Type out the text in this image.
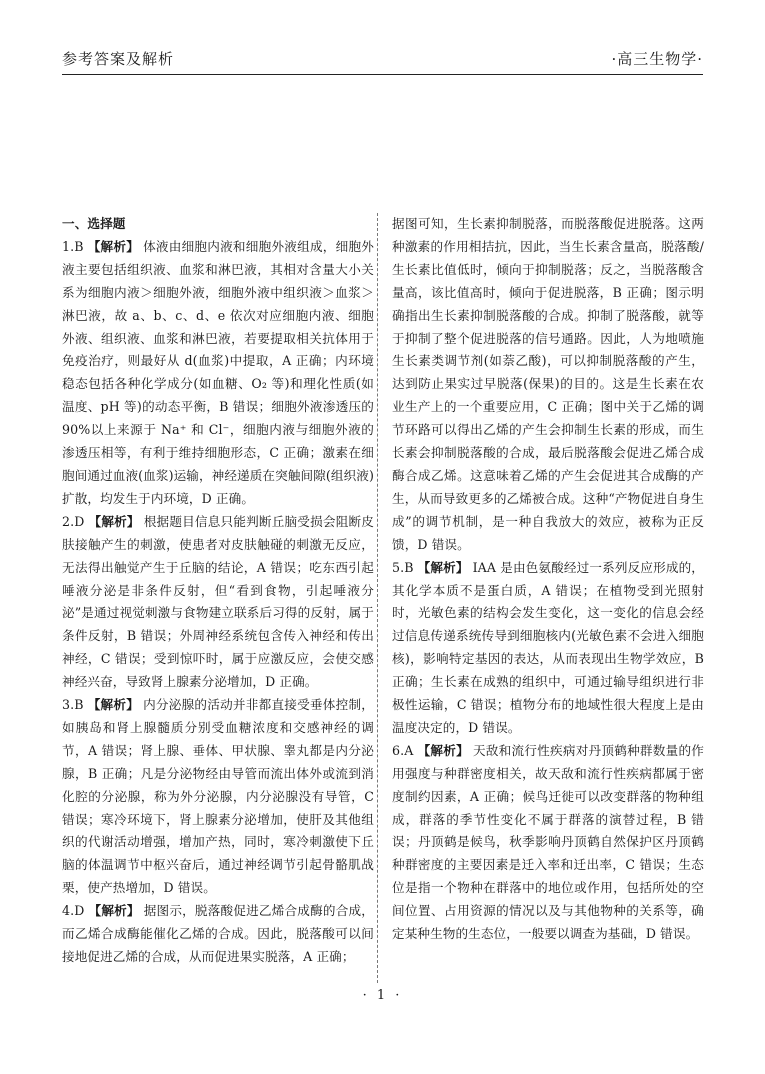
参考答案及解析	·高三生物学·
一、选择题

1.B 【解析】 体液由细胞内液和细胞外液组成，细胞外液主要包括组织液、血浆和淋巴液，其相对含量大小关系为细胞内液＞细胞外液，细胞外液中组织液＞血浆＞淋巴液，故 a、b、c、d、e 依次对应细胞内液、细胞外液、组织液、血浆和淋巴液，若要提取相关抗体用于免疫治疗，则最好从 d(血浆)中提取，A 正确；内环境稳态包括各种化学成分(如血糖、O₂ 等)和理化性质(如温度、pH 等)的动态平衡，B 错误；细胞外液渗透压的 90%以上来源于 Na⁺ 和 Cl⁻，细胞内液与细胞外液的渗透压相等，有利于维持细胞形态，C 正确；激素在细胞间通过血液(血浆)运输，神经递质在突触间隙(组织液)扩散，均发生于内环境，D 正确。

2.D 【解析】 根据题目信息只能判断丘脑受损会阻断皮肤接触产生的刺激，使患者对皮肤触碰的刺激无反应，无法得出触觉产生于丘脑的结论，A 错误；吃东西引起唾液分泌是非条件反射，但“看到食物，引起唾液分泌”是通过视觉刺激与食物建立联系后习得的反射，属于条件反射，B 错误；外周神经系统包含传入神经和传出神经，C 错误；受到惊吓时，属于应激反应，会使交感神经兴奋，导致肾上腺素分泌增加，D 正确。

3.B 【解析】 内分泌腺的活动并非都直接受垂体控制，如胰岛和肾上腺髓质分别受血糖浓度和交感神经的调节，A 错误；肾上腺、垂体、甲状腺、睾丸都是内分泌腺，B 正确；凡是分泌物经由导管而流出体外或流到消化腔的分泌腺，称为外分泌腺，内分泌腺没有导管，C 错误；寒冷环境下，肾上腺素分泌增加，使肝及其他组织的代谢活动增强，增加产热，同时，寒冷刺激使下丘脑的体温调节中枢兴奋后，通过神经调节引起骨骼肌战栗，使产热增加，D 错误。

4.D 【解析】 据图示，脱落酸促进乙烯合成酶的合成，而乙烯合成酶能催化乙烯的合成。因此，脱落酸可以间接地促进乙烯的合成，从而促进果实脱落，A 正确；

据图可知，生长素抑制脱落，而脱落酸促进脱落。这两种激素的作用相拮抗，因此，当生长素含量高，脱落酸/生长素比值低时，倾向于抑制脱落；反之，当脱落酸含量高，该比值高时，倾向于促进脱落，B 正确；图示明确指出生长素抑制脱落酸的合成。抑制了脱落酸，就等于抑制了整个促进脱落的信号通路。因此，人为地喷施生长素类调节剂(如萘乙酸)，可以抑制脱落酸的产生，达到防止果实过早脱落(保果)的目的。这是生长素在农业生产上的一个重要应用，C 正确；图中关于乙烯的调节环路可以得出乙烯的产生会抑制生长素的形成，而生长素会抑制脱落酸的合成，最后脱落酸会促进乙烯合成酶合成乙烯。这意味着乙烯的产生会促进其合成酶的产生，从而导致更多的乙烯被合成。这种“产物促进自身生成”的调节机制，是一种自我放大的效应，被称为正反馈，D 错误。

5.B 【解析】 IAA 是由色氨酸经过一系列反应形成的，其化学本质不是蛋白质，A 错误；在植物受到光照射时，光敏色素的结构会发生变化，这一变化的信息会经过信息传递系统传导到细胞核内(光敏色素不会进入细胞核)，影响特定基因的表达，从而表现出生物学效应，B 正确；生长素在成熟的组织中，可通过输导组织进行非极性运输，C 错误；植物分布的地域性很大程度上是由温度决定的，D 错误。

6.A 【解析】 天敌和流行性疾病对丹顶鹤种群数量的作用强度与种群密度相关，故天敌和流行性疾病都属于密度制约因素，A 正确；候鸟迁徙可以改变群落的物种组成，群落的季节性变化不属于群落的演替过程，B 错误；丹顶鹤是候鸟，秋季影响丹顶鹤自然保护区丹顶鹤种群密度的主要因素是迁入率和迁出率，C 错误；生态位是指一个物种在群落中的地位或作用，包括所处的空间位置、占用资源的情况以及与其他物种的关系等，确定某种生物的生态位，一般要以调查为基础，D 错误。

· 1 ·
